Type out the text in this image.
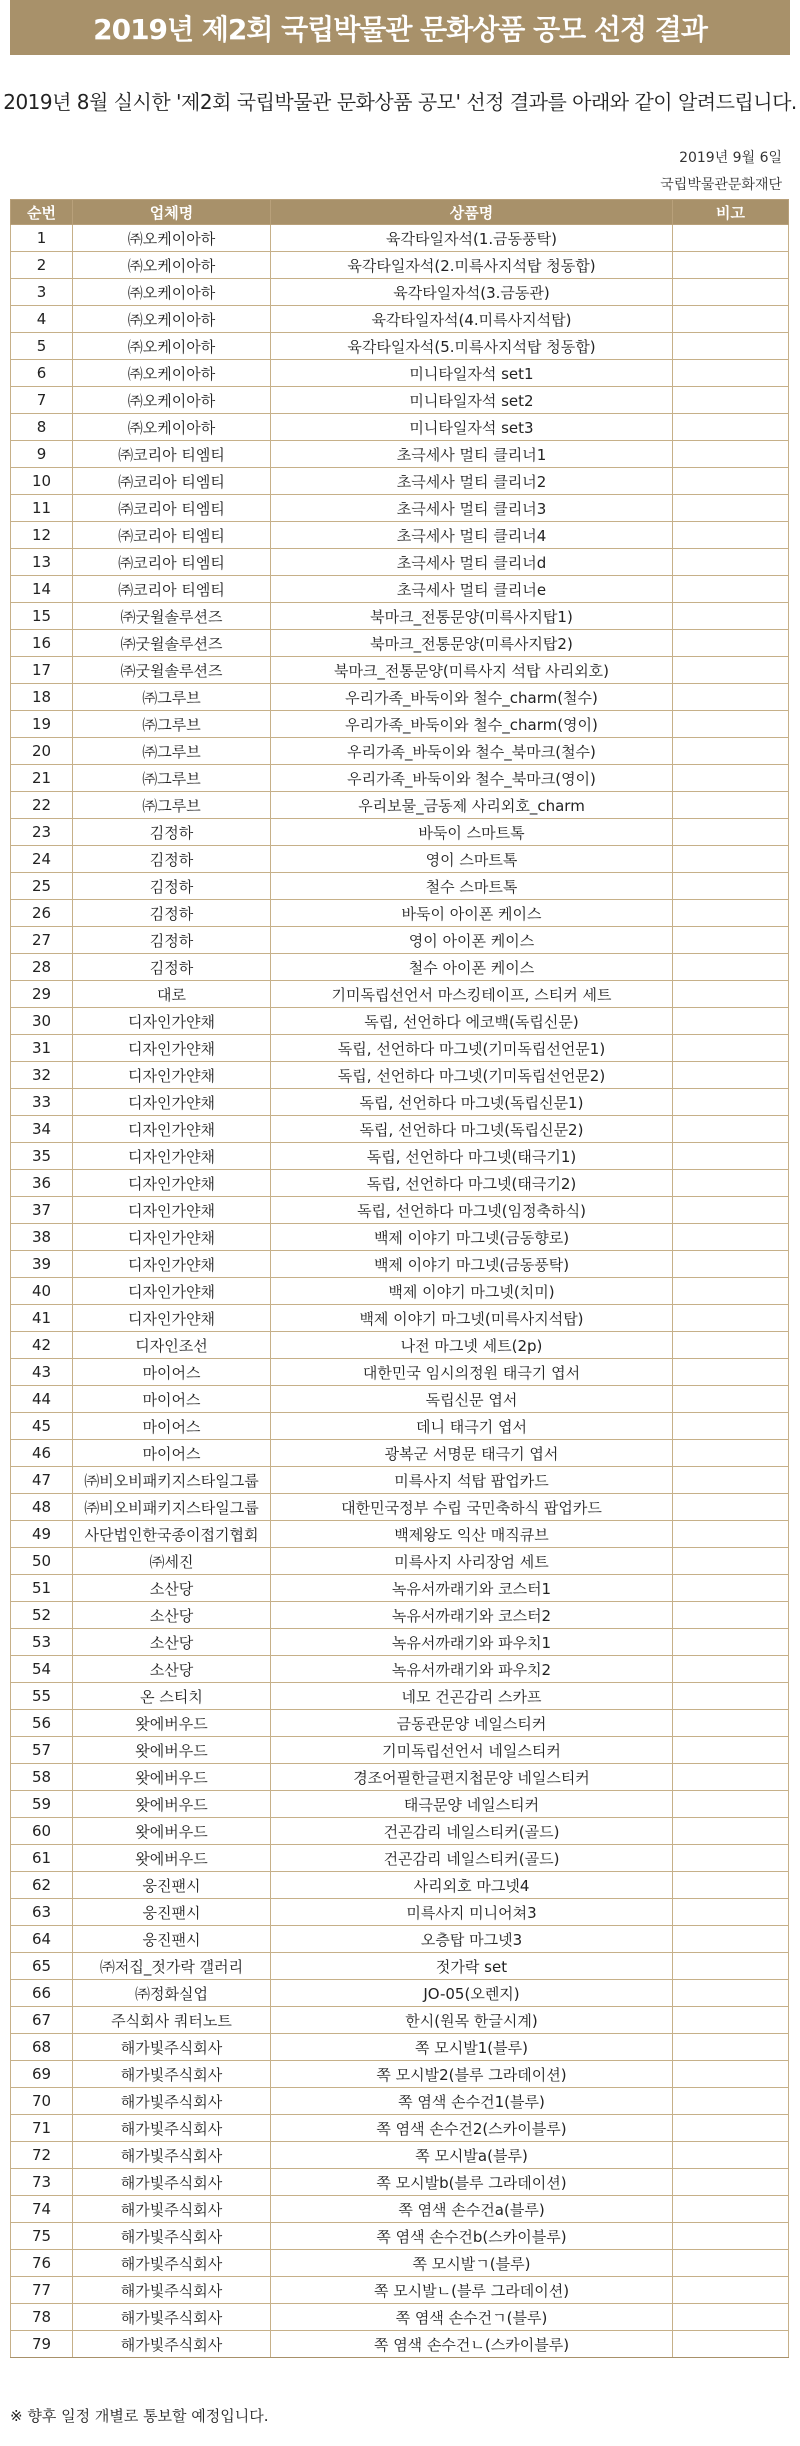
2019년 제2회 국립박물관 문화상품 공모 선정 결과
2019년 8월 실시한 '제2회 국립박물관 문화상품 공모' 선정 결과를 아래와 같이 알려드립니다.
2019년 9월 6일
국립박물관문화재단
순번	업체명	상품명	비고
1	㈜오케이아하	육각타일자석(1.금동풍탁)	
2	㈜오케이아하	육각타일자석(2.미륵사지석탑 청동합)	
3	㈜오케이아하	육각타일자석(3.금동관)	
4	㈜오케이아하	육각타일자석(4.미륵사지석탑)	
5	㈜오케이아하	육각타일자석(5.미륵사지석탑 청동합)	
6	㈜오케이아하	미니타일자석 set1	
7	㈜오케이아하	미니타일자석 set2	
8	㈜오케이아하	미니타일자석 set3	
9	㈜코리아 티엠티	초극세사 멀티 클리너1	
10	㈜코리아 티엠티	초극세사 멀티 클리너2	
11	㈜코리아 티엠티	초극세사 멀티 클리너3	
12	㈜코리아 티엠티	초극세사 멀티 클리너4	
13	㈜코리아 티엠티	초극세사 멀티 클리너d	
14	㈜코리아 티엠티	초극세사 멀티 클리너e	
15	㈜굿윌솔루션즈	북마크_전통문양(미륵사지탑1)	
16	㈜굿윌솔루션즈	북마크_전통문양(미륵사지탑2)	
17	㈜굿윌솔루션즈	북마크_전통문양(미륵사지 석탑 사리외호)	
18	㈜그루브	우리가족_바둑이와 철수_charm(철수)	
19	㈜그루브	우리가족_바둑이와 철수_charm(영이)	
20	㈜그루브	우리가족_바둑이와 철수_북마크(철수)	
21	㈜그루브	우리가족_바둑이와 철수_북마크(영이)	
22	㈜그루브	우리보물_금동제 사리외호_charm	
23	김정하	바둑이 스마트톡	
24	김정하	영이 스마트톡	
25	김정하	철수 스마트톡	
26	김정하	바둑이 아이폰 케이스	
27	김정하	영이 아이폰 케이스	
28	김정하	철수 아이폰 케이스	
29	대로	기미독립선언서 마스킹테이프, 스티커 세트	
30	디자인가얀채	독립, 선언하다 에코백(독립신문)	
31	디자인가얀채	독립, 선언하다 마그넷(기미독립선언문1)	
32	디자인가얀채	독립, 선언하다 마그넷(기미독립선언문2)	
33	디자인가얀채	독립, 선언하다 마그넷(독립신문1)	
34	디자인가얀채	독립, 선언하다 마그넷(독립신문2)	
35	디자인가얀채	독립, 선언하다 마그넷(태극기1)	
36	디자인가얀채	독립, 선언하다 마그넷(태극기2)	
37	디자인가얀채	독립, 선언하다 마그넷(임정축하식)	
38	디자인가얀채	백제 이야기 마그넷(금동향로)	
39	디자인가얀채	백제 이야기 마그넷(금동풍탁)	
40	디자인가얀채	백제 이야기 마그넷(치미)	
41	디자인가얀채	백제 이야기 마그넷(미륵사지석탑)	
42	디자인조선	나전 마그넷 세트(2p)	
43	마이어스	대한민국 임시의정원 태극기 엽서	
44	마이어스	독립신문 엽서	
45	마이어스	데니 태극기 엽서	
46	마이어스	광복군 서명문 태극기 엽서	
47	㈜비오비패키지스타일그룹	미륵사지 석탑 팝업카드	
48	㈜비오비패키지스타일그룹	대한민국정부 수립 국민축하식 팝업카드	
49	사단법인한국종이접기협회	백제왕도 익산 매직큐브	
50	㈜세진	미륵사지 사리장엄 세트	
51	소산당	녹유서까래기와 코스터1	
52	소산당	녹유서까래기와 코스터2	
53	소산당	녹유서까래기와 파우치1	
54	소산당	녹유서까래기와 파우치2	
55	온 스티치	네모 건곤감리 스카프	
56	왓에버우드	금동관문양 네일스티커	
57	왓에버우드	기미독립선언서 네일스티커	
58	왓에버우드	경조어필한글편지첩문양 네일스티커	
59	왓에버우드	태극문양 네일스티커	
60	왓에버우드	건곤감리 네일스티커(골드)	
61	왓에버우드	건곤감리 네일스티커(골드)	
62	웅진팬시	사리외호 마그넷4	
63	웅진팬시	미륵사지 미니어쳐3	
64	웅진팬시	오층탑 마그넷3	
65	㈜저집_젓가락 갤러리	젓가락 set	
66	㈜정화실업	JO-05(오렌지)	
67	주식회사 쿼터노트	한시(원목 한글시계)	
68	해가빛주식회사	쪽 모시발1(블루)	
69	해가빛주식회사	쪽 모시발2(블루 그라데이션)	
70	해가빛주식회사	쪽 염색 손수건1(블루)	
71	해가빛주식회사	쪽 염색 손수건2(스카이블루)	
72	해가빛주식회사	쪽 모시발a(블루)	
73	해가빛주식회사	쪽 모시발b(블루 그라데이션)	
74	해가빛주식회사	쪽 염색 손수건a(블루)	
75	해가빛주식회사	쪽 염색 손수건b(스카이블루)	
76	해가빛주식회사	쪽 모시발ㄱ(블루)	
77	해가빛주식회사	쪽 모시발ㄴ(블루 그라데이션)	
78	해가빛주식회사	쪽 염색 손수건ㄱ(블루)	
79	해가빛주식회사	쪽 염색 손수건ㄴ(스카이블루)	
※ 향후 일정 개별로 통보할 예정입니다.
